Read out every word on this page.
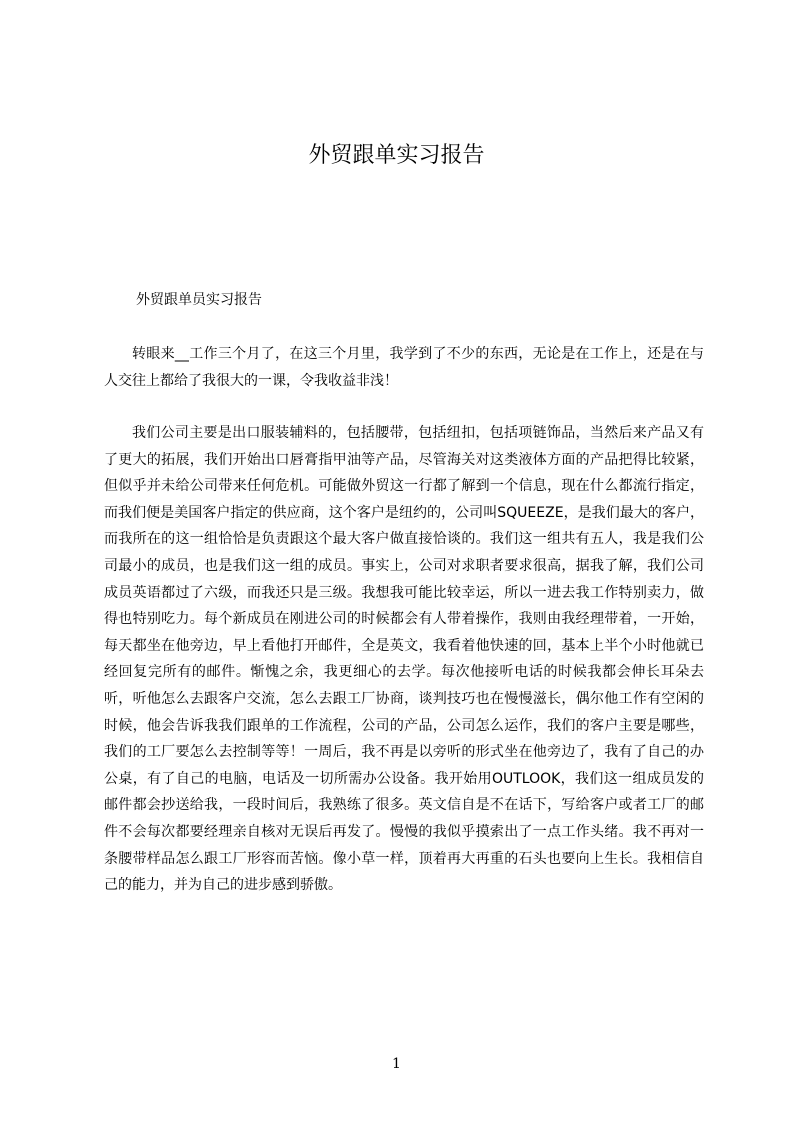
外贸跟单实习报告

外贸跟单员实习报告

转眼来__工作三个月了，在这三个月里，我学到了不少的东西，无论是在工作上，还是在与人交往上都给了我很大的一课，令我收益非浅！

我们公司主要是出口服装辅料的，包括腰带，包括纽扣，包括项链饰品，当然后来产品又有了更大的拓展，我们开始出口唇膏指甲油等产品，尽管海关对这类液体方面的产品把得比较紧，但似乎并未给公司带来任何危机。可能做外贸这一行都了解到一个信息，现在什么都流行指定，而我们便是美国客户指定的供应商，这个客户是纽约的，公司叫SQUEEZE，是我们最大的客户，而我所在的这一组恰恰是负责跟这个最大客户做直接恰谈的。我们这一组共有五人，我是我们公司最小的成员，也是我们这一组的成员。事实上，公司对求职者要求很高，据我了解，我们公司成员英语都过了六级，而我还只是三级。我想我可能比较幸运，所以一进去我工作特别卖力，做得也特别吃力。每个新成员在刚进公司的时候都会有人带着操作，我则由我经理带着，一开始，每天都坐在他旁边，早上看他打开邮件，全是英文，我看着他快速的回，基本上半个小时他就已经回复完所有的邮件。惭愧之余，我更细心的去学。每次他接听电话的时候我都会伸长耳朵去听，听他怎么去跟客户交流，怎么去跟工厂协商，谈判技巧也在慢慢滋长，偶尔他工作有空闲的时候，他会告诉我我们跟单的工作流程，公司的产品，公司怎么运作，我们的客户主要是哪些，我们的工厂要怎么去控制等等！一周后，我不再是以旁听的形式坐在他旁边了，我有了自己的办公桌，有了自己的电脑，电话及一切所需办公设备。我开始用OUTLOOK，我们这一组成员发的邮件都会抄送给我，一段时间后，我熟练了很多。英文信自是不在话下，写给客户或者工厂的邮件不会每次都要经理亲自核对无误后再发了。慢慢的我似乎摸索出了一点工作头绪。我不再对一条腰带样品怎么跟工厂形容而苦恼。像小草一样，顶着再大再重的石头也要向上生长。我相信自己的能力，并为自己的进步感到骄傲。

1
